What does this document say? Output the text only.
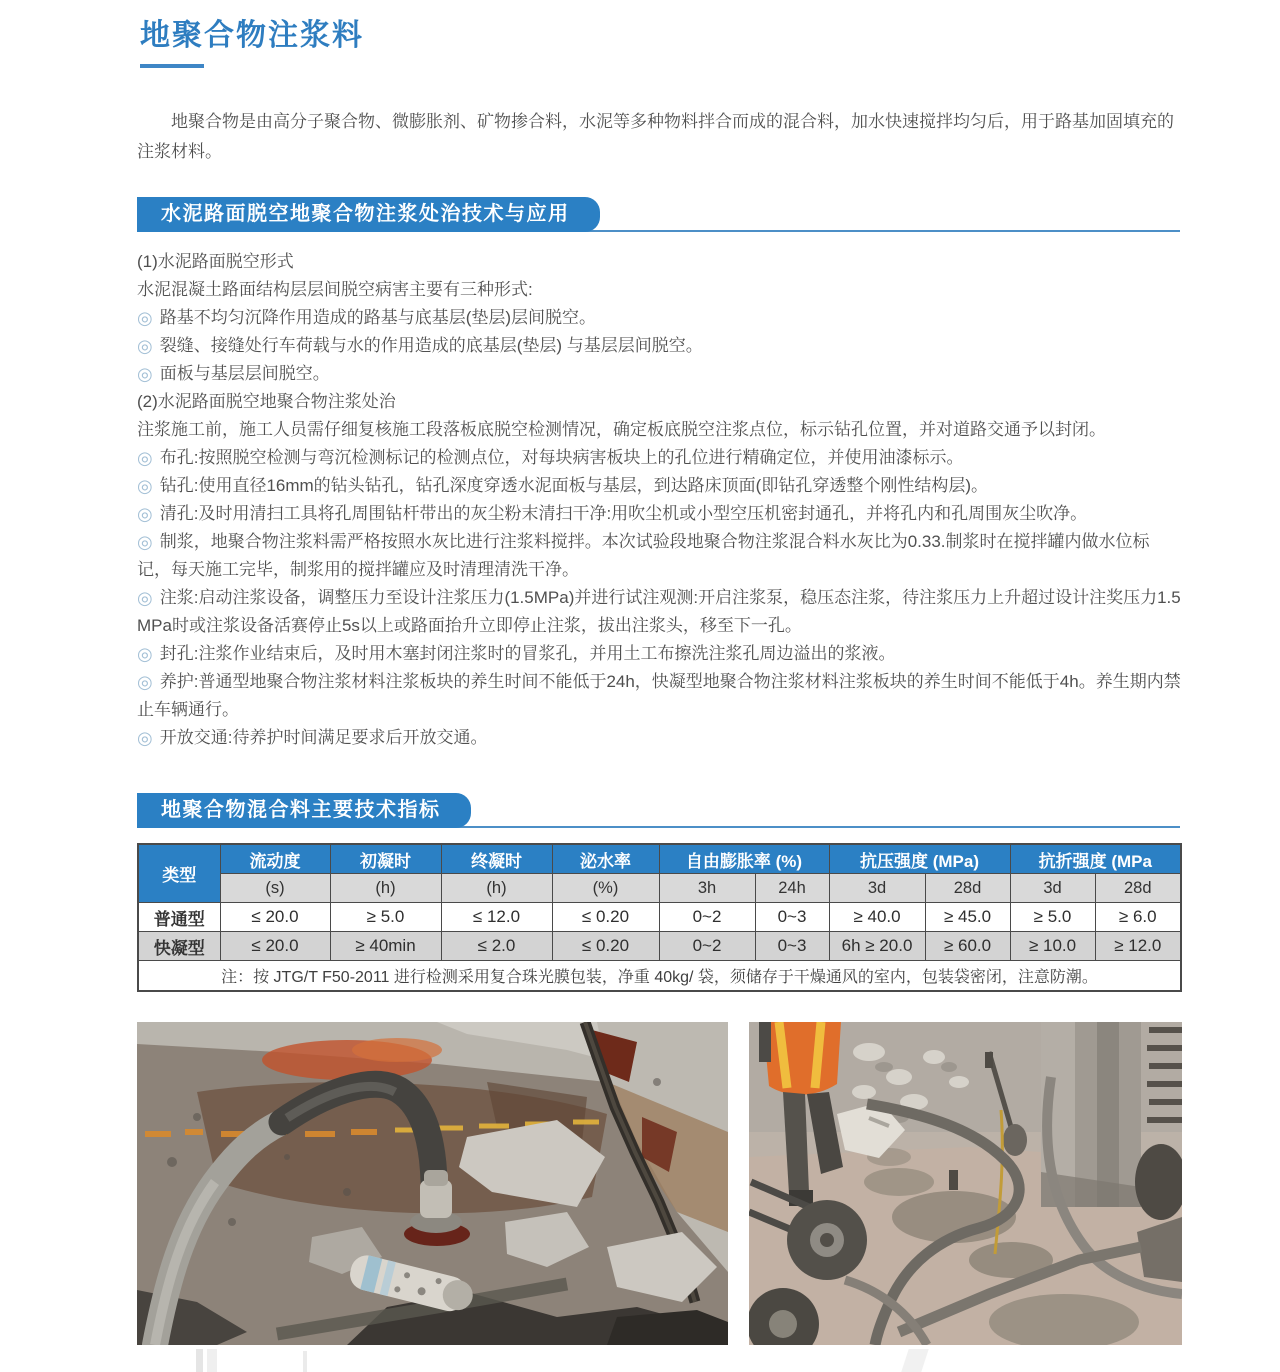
地聚合物注浆料

地聚合物是由高分子聚合物、微膨胀剂、矿物掺合料，水泥等多种物料拌合而成的混合料，加水快速搅拌均匀后，用于路基加固填充的注浆材料。

水泥路面脱空地聚合物注浆处治技术与应用

(1)水泥路面脱空形式

水泥混凝土路面结构层层间脱空病害主要有三种形式:

◎ 路基不均匀沉降作用造成的路基与底基层(垫层)层间脱空。

◎ 裂缝、接缝处行车荷载与水的作用造成的底基层(垫层) 与基层层间脱空。

◎ 面板与基层层间脱空。

(2)水泥路面脱空地聚合物注浆处治

注浆施工前，施工人员需仔细复核施工段落板底脱空检测情况，确定板底脱空注浆点位，标示钻孔位置，并对道路交通予以封闭。

◎ 布孔:按照脱空检测与弯沉检测标记的检测点位，对每块病害板块上的孔位进行精确定位，并使用油漆标示。

◎ 钻孔:使用直径16mm的钻头钻孔，钻孔深度穿透水泥面板与基层，到达路床顶面(即钻孔穿透整个刚性结构层)。

◎ 清孔:及时用清扫工具将孔周围钻杆带出的灰尘粉末清扫干净:用吹尘机或小型空压机密封通孔，并将孔内和孔周围灰尘吹净。

◎ 制浆，地聚合物注浆料需严格按照水灰比进行注浆料搅拌。本次试验段地聚合物注浆混合料水灰比为0.33.制浆时在搅拌罐内做水位标记，每天施工完毕，制浆用的搅拌罐应及时清理清洗干净。

◎ 注浆:启动注浆设备，调整压力至设计注浆压力(1.5MPa)并进行试注观测:开启注浆泵，稳压态注浆，待注浆压力上升超过设计注奖压力1.5MPa时或注浆设备活赛停止5s以上或路面抬升立即停止注浆，拔出注浆头，移至下一孔。

◎ 封孔:注浆作业结束后，及时用木塞封闭注浆时的冒浆孔，并用土工布擦洗注浆孔周边溢出的浆液。

◎ 养护:普通型地聚合物注浆材料注浆板块的养生时间不能低于24h，快凝型地聚合物注浆材料注浆板块的养生时间不能低于4h。养生期内禁止车辆通行。

◎ 开放交通:待养护时间满足要求后开放交通。

地聚合物混合料主要技术指标
类型	流动度	初凝时	终凝时	泌水率	自由膨胀率 (%)		抗压强度 (MPa)		抗折强度 (MPa	
	(s)	(h)	(h)	(%)	3h	24h	3d	28d	3d	28d
普通型	≤ 20.0	≥ 5.0	≤ 12.0	≤ 0.20	0~2	0~3	≥ 40.0	≥ 45.0	≥ 5.0	≥ 6.0
快凝型	≤ 20.0	≥ 40min	≤ 2.0	≤ 0.20	0~2	0~3	6h ≥ 20.0	≥ 60.0	≥ 10.0	≥ 12.0
注：按 JTG/T F50-2011 进行检测采用复合珠光膜包装，净重 40kg/ 袋，须储存于干燥通风的室内，包装袋密闭，注意防潮。										
